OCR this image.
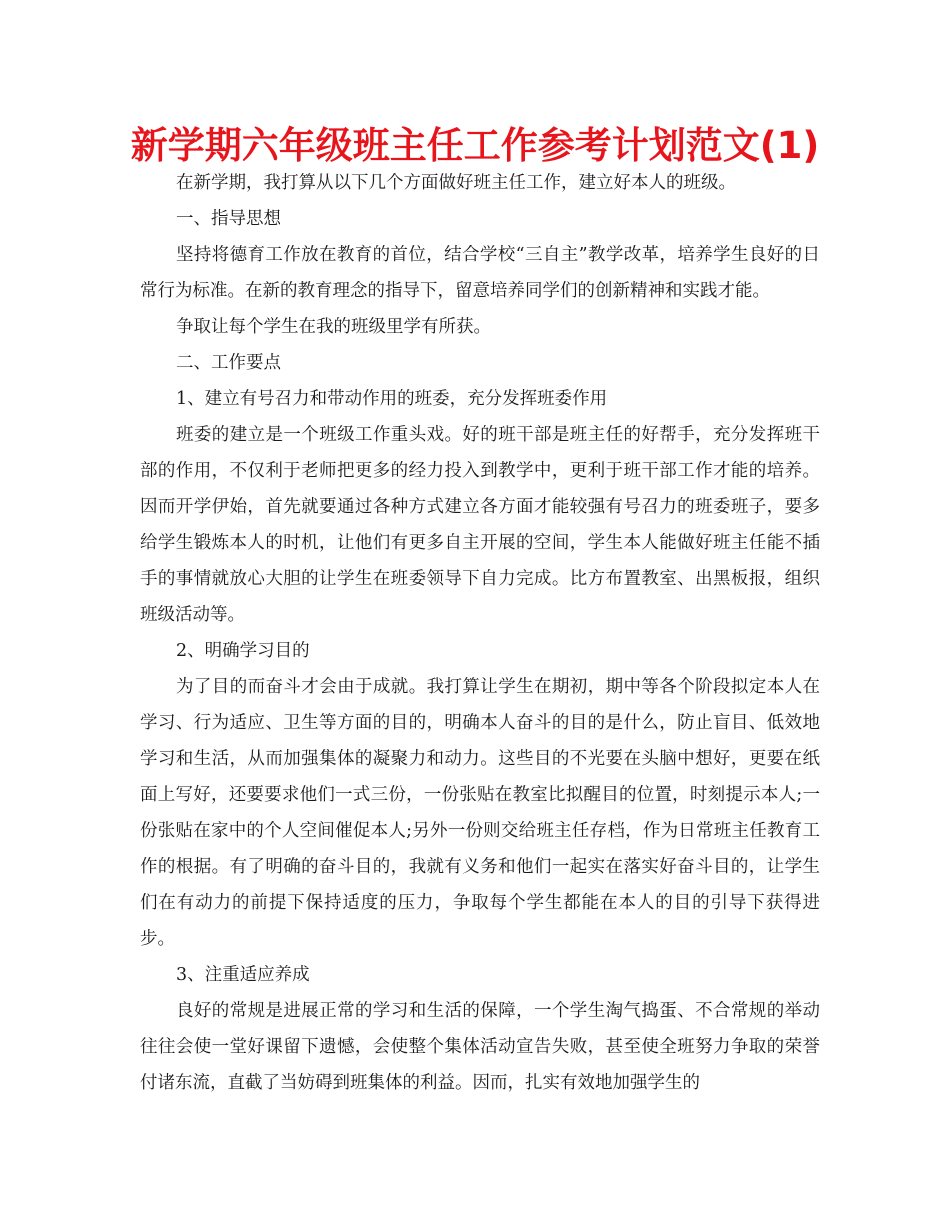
新学期六年级班主任工作参考计划范文(1)

在新学期，我打算从以下几个方面做好班主任工作，建立好本人的班级。

一、指导思想

坚持将德育工作放在教育的首位，结合学校“三自主”教学改革，培养学生良好的日常行为标准。在新的教育理念的指导下，留意培养同学们的创新精神和实践才能。

争取让每个学生在我的班级里学有所获。

二、工作要点

1、建立有号召力和带动作用的班委，充分发挥班委作用

班委的建立是一个班级工作重头戏。好的班干部是班主任的好帮手，充分发挥班干部的作用，不仅利于老师把更多的经力投入到教学中，更利于班干部工作才能的培养。因而开学伊始，首先就要通过各种方式建立各方面才能较强有号召力的班委班子，要多给学生锻炼本人的时机，让他们有更多自主开展的空间，学生本人能做好班主任能不插手的事情就放心大胆的让学生在班委领导下自力完成。比方布置教室、出黑板报，组织班级活动等。

2、明确学习目的

为了目的而奋斗才会由于成就。我打算让学生在期初，期中等各个阶段拟定本人在学习、行为适应、卫生等方面的目的，明确本人奋斗的目的是什么，防止盲目、低效地学习和生活，从而加强集体的凝聚力和动力。这些目的不光要在头脑中想好，更要在纸面上写好，还要要求他们一式三份，一份张贴在教室比拟醒目的位置，时刻提示本人;一份张贴在家中的个人空间催促本人;另外一份则交给班主任存档，作为日常班主任教育工作的根据。有了明确的奋斗目的，我就有义务和他们一起实在落实好奋斗目的，让学生们在有动力的前提下保持适度的压力，争取每个学生都能在本人的目的引导下获得进步。

3、注重适应养成

良好的常规是进展正常的学习和生活的保障，一个学生淘气捣蛋、不合常规的举动往往会使一堂好课留下遗憾，会使整个集体活动宣告失败，甚至使全班努力争取的荣誉付诸东流，直截了当妨碍到班集体的利益。因而，扎实有效地加强学生的
